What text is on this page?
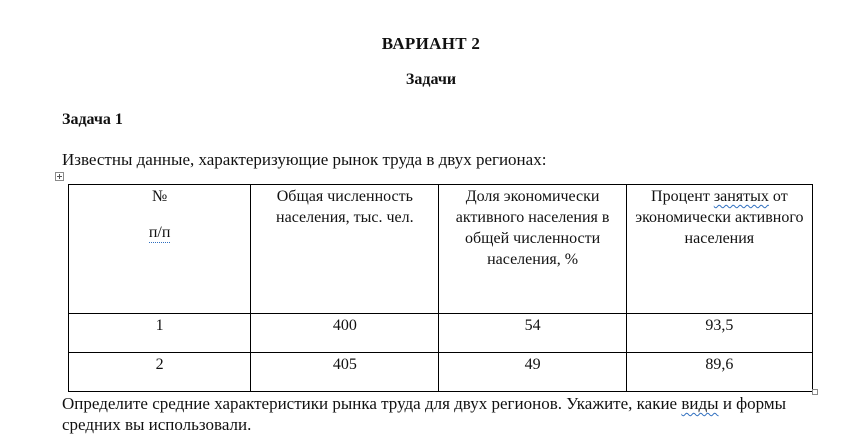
ВАРИАНТ 2
Задачи
Задача 1
Известны данные, характеризующие рынок труда в двух регионах:
№
п/п	Общая численность населения, тыс. чел.	Доля экономически активного населения в общей численности населения, %	Процент занятых от экономически активного населения
1	400	54	93,5
2	405	49	89,6
Определите средние характеристики рынка труда для двух регионов. Укажите, какие виды и формы средних вы использовали.
